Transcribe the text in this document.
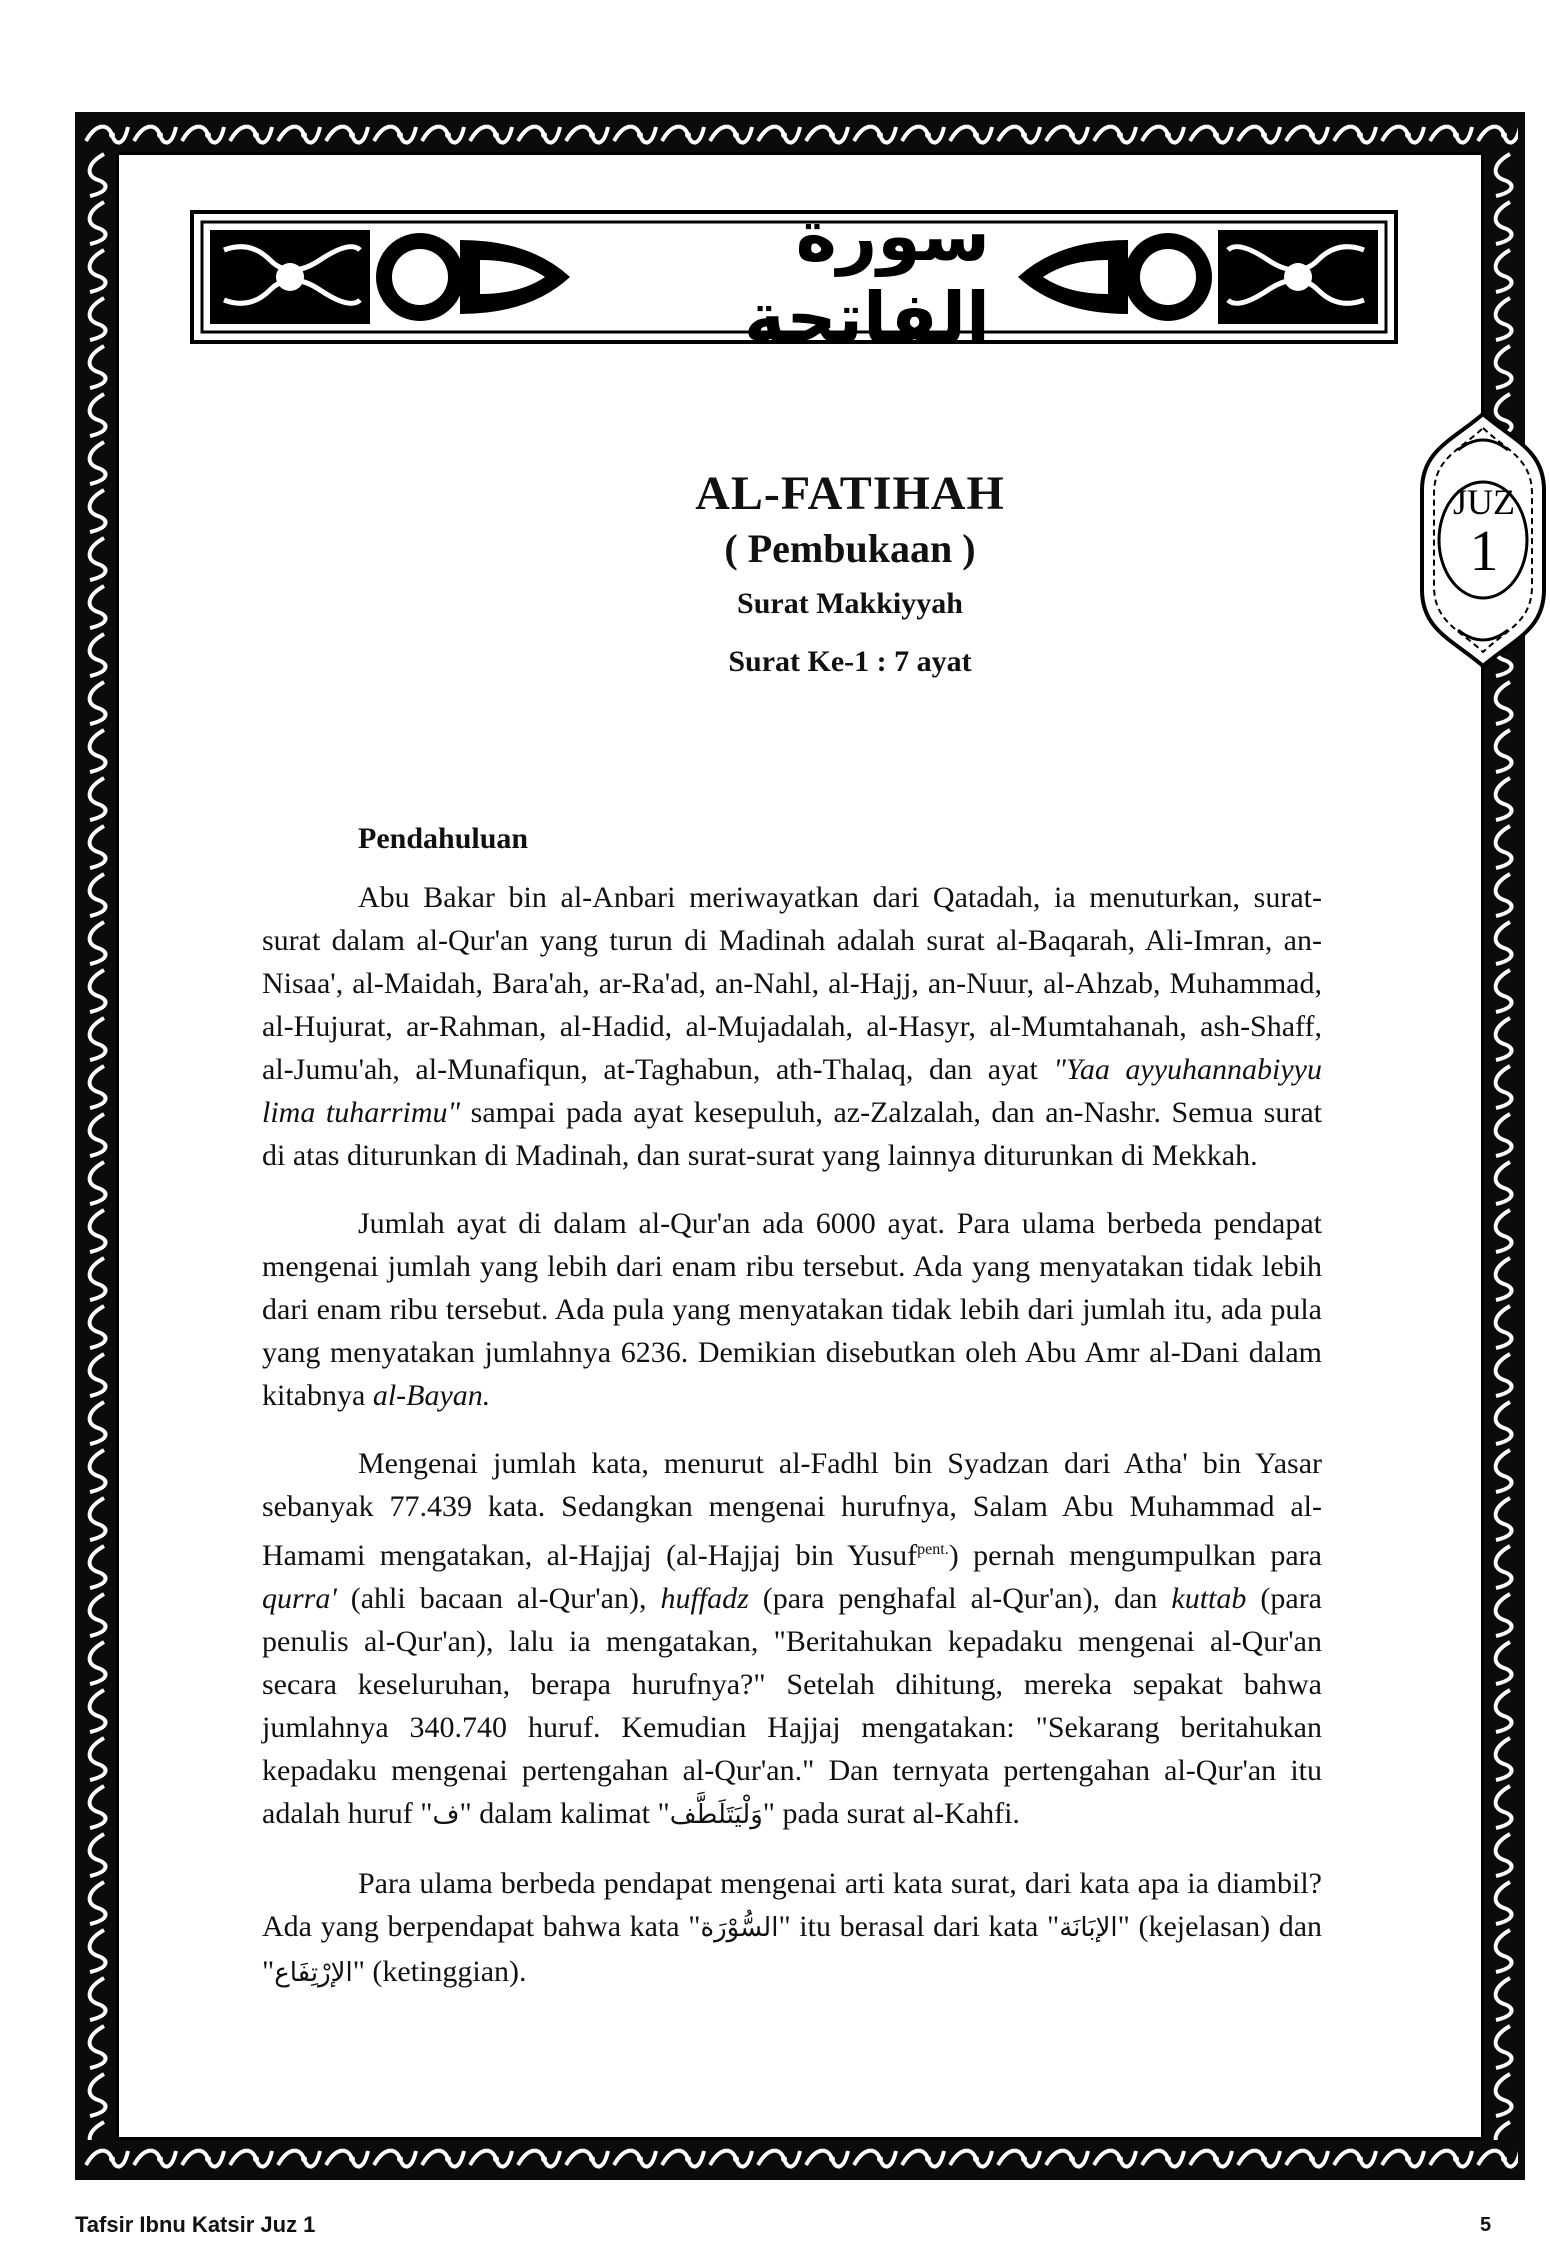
سورة الفاتحة
JUZ
1
AL-FATIHAH
( Pembukaan )
Surat Makkiyyah
Surat Ke-1 : 7 ayat
Pendahuluan

Abu Bakar bin al-Anbari meriwayatkan dari Qatadah, ia menuturkan, surat-surat dalam al-Qur'an yang turun di Madinah adalah surat al-Baqarah, Ali-Imran, an-Nisaa', al-Maidah, Bara'ah, ar-Ra'ad, an-Nahl, al-Hajj, an-Nuur, al-Ahzab, Muhammad, al-Hujurat, ar-Rahman, al-Hadid, al-Mujadalah, al-Hasyr, al-Mumtahanah, ash-Shaff, al-Jumu'ah, al-Munafiqun, at-Taghabun, ath-Thalaq, dan ayat "Yaa ayyuhannabiyyu lima tuharrimu" sampai pada ayat kesepuluh, az-Zalzalah, dan an-Nashr. Semua surat di atas diturunkan di Madinah, dan surat-surat yang lainnya diturunkan di Mekkah.

Jumlah ayat di dalam al-Qur'an ada 6000 ayat. Para ulama berbeda pendapat mengenai jumlah yang lebih dari enam ribu tersebut. Ada yang menyatakan tidak lebih dari enam ribu tersebut. Ada pula yang menyatakan tidak lebih dari jumlah itu, ada pula yang menyatakan jumlahnya 6236. Demikian disebutkan oleh Abu Amr al-Dani dalam kitabnya al-Bayan.

Mengenai jumlah kata, menurut al-Fadhl bin Syadzan dari Atha' bin Yasar sebanyak 77.439 kata. Sedangkan mengenai hurufnya, Salam Abu Muhammad al-Hamami mengatakan, al-Hajjaj (al-Hajjaj bin Yusuf$^{pent.}$) pernah mengumpulkan para qurra' (ahli bacaan al-Qur'an), huffadz (para penghafal al-Qur'an), dan kuttab (para penulis al-Qur'an), lalu ia mengatakan, "Beritahukan kepadaku mengenai al-Qur'an secara keseluruhan, berapa hurufnya?" Setelah dihitung, mereka sepakat bahwa jumlahnya 340.740 huruf. Kemudian Hajjaj mengatakan: "Sekarang beritahukan kepadaku mengenai pertengahan al-Qur'an." Dan ternyata pertengahan al-Qur'an itu adalah huruf "ف" dalam kalimat "وَلْيَتَلَطَّف" pada surat al-Kahfi.

Para ulama berbeda pendapat mengenai arti kata surat, dari kata apa ia diambil? Ada yang berpendapat bahwa kata "السُّوْرَة" itu berasal dari kata "الإبَانَة" (kejelasan) dan "الإرْتِفَاع" (ketinggian).

Tafsir Ibnu Katsir Juz 1	5
